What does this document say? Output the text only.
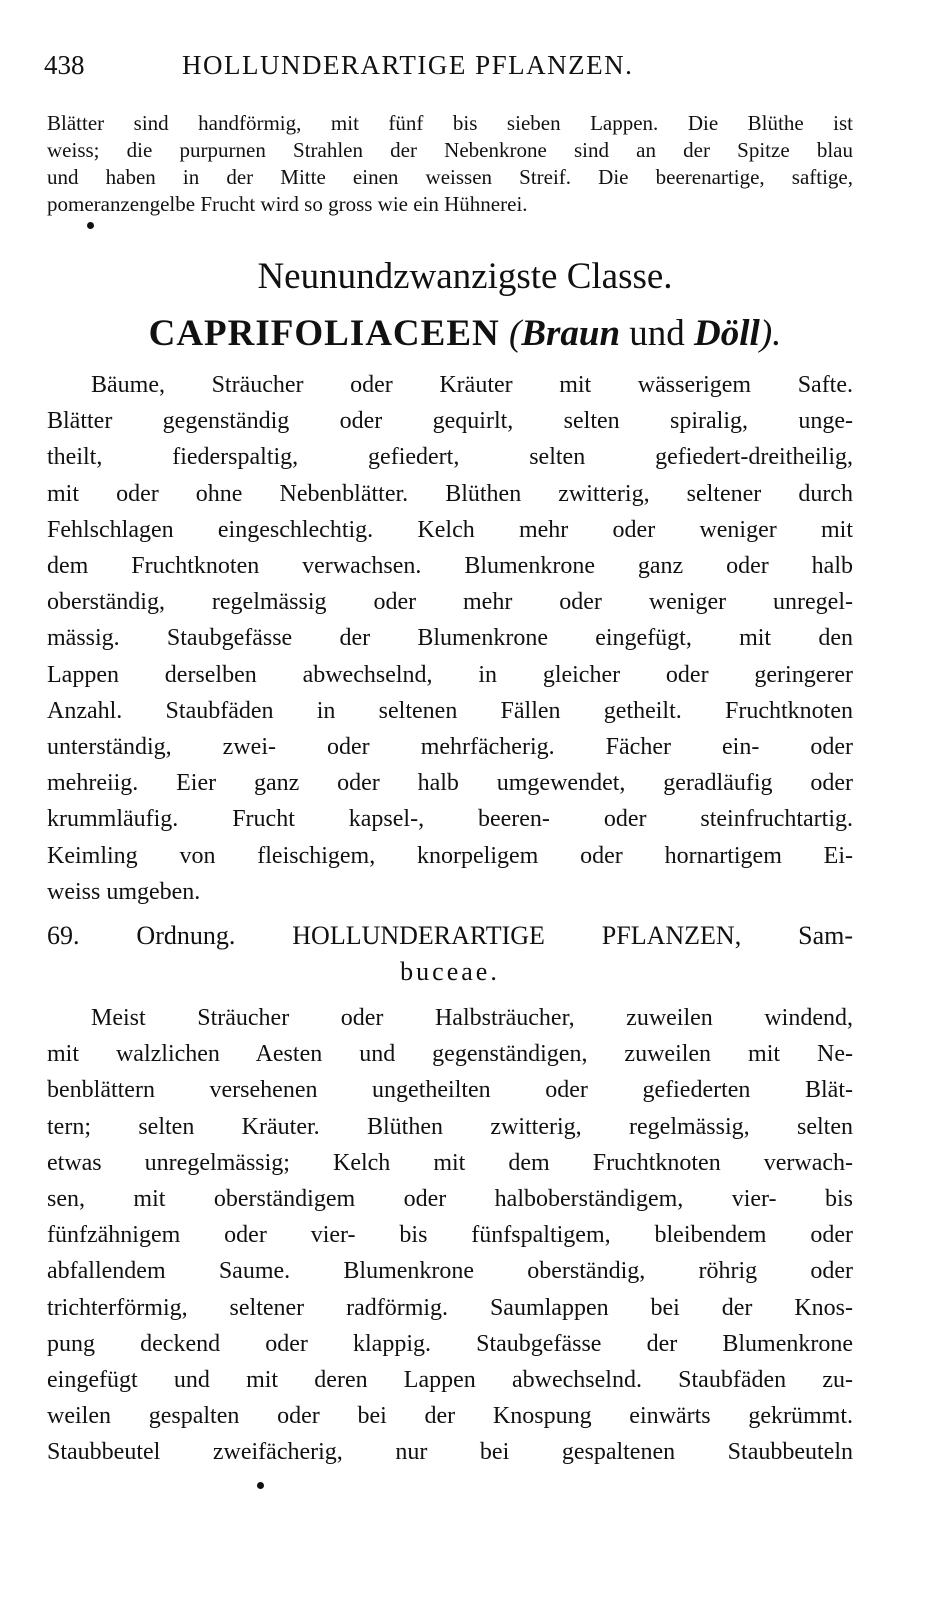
438	HOLLUNDERARTIGE PFLANZEN.
Blätter sind handförmig, mit fünf bis sieben Lappen. Die Blüthe ist
weiss; die purpurnen Strahlen der Nebenkrone sind an der Spitze blau
und haben in der Mitte einen weissen Streif. Die beerenartige, saftige,
pomeranzengelbe Frucht wird so gross wie ein Hühnerei.
Neunundzwanzigste Classe.
CAPRIFOLIACEEN (Braun und Döll).
Bäume, Sträucher oder Kräuter mit wässerigem Safte.
Blätter gegenständig oder gequirlt, selten spiralig, unge-
theilt, fiederspaltig, gefiedert, selten gefiedert-dreitheilig,
mit oder ohne Nebenblätter. Blüthen zwitterig, seltener durch
Fehlschlagen eingeschlechtig. Kelch mehr oder weniger mit
dem Fruchtknoten verwachsen. Blumenkrone ganz oder halb
oberständig, regelmässig oder mehr oder weniger unregel-
mässig. Staubgefässe der Blumenkrone eingefügt, mit den
Lappen derselben abwechselnd, in gleicher oder geringerer
Anzahl. Staubfäden in seltenen Fällen getheilt. Fruchtknoten
unterständig, zwei- oder mehrfächerig. Fächer ein- oder
mehreiig. Eier ganz oder halb umgewendet, geradläufig oder
krummläufig. Frucht kapsel-, beeren- oder steinfruchtartig.
Keimling von fleischigem, knorpeligem oder hornartigem Ei-
weiss umgeben.
69. Ordnung. HOLLUNDERARTIGE PFLANZEN, Sam-
buceae.
Meist Sträucher oder Halbsträucher, zuweilen windend,
mit walzlichen Aesten und gegenständigen, zuweilen mit Ne-
benblättern versehenen ungetheilten oder gefiederten Blät-
tern; selten Kräuter. Blüthen zwitterig, regelmässig, selten
etwas unregelmässig; Kelch mit dem Fruchtknoten verwach-
sen, mit oberständigem oder halboberständigem, vier- bis
fünfzähnigem oder vier- bis fünfspaltigem, bleibendem oder
abfallendem Saume. Blumenkrone oberständig, röhrig oder
trichterförmig, seltener radförmig. Saumlappen bei der Knos-
pung deckend oder klappig. Staubgefässe der Blumenkrone
eingefügt und mit deren Lappen abwechselnd. Staubfäden zu-
weilen gespalten oder bei der Knospung einwärts gekrümmt.
Staubbeutel zweifächerig, nur bei gespaltenen Staubbeuteln
